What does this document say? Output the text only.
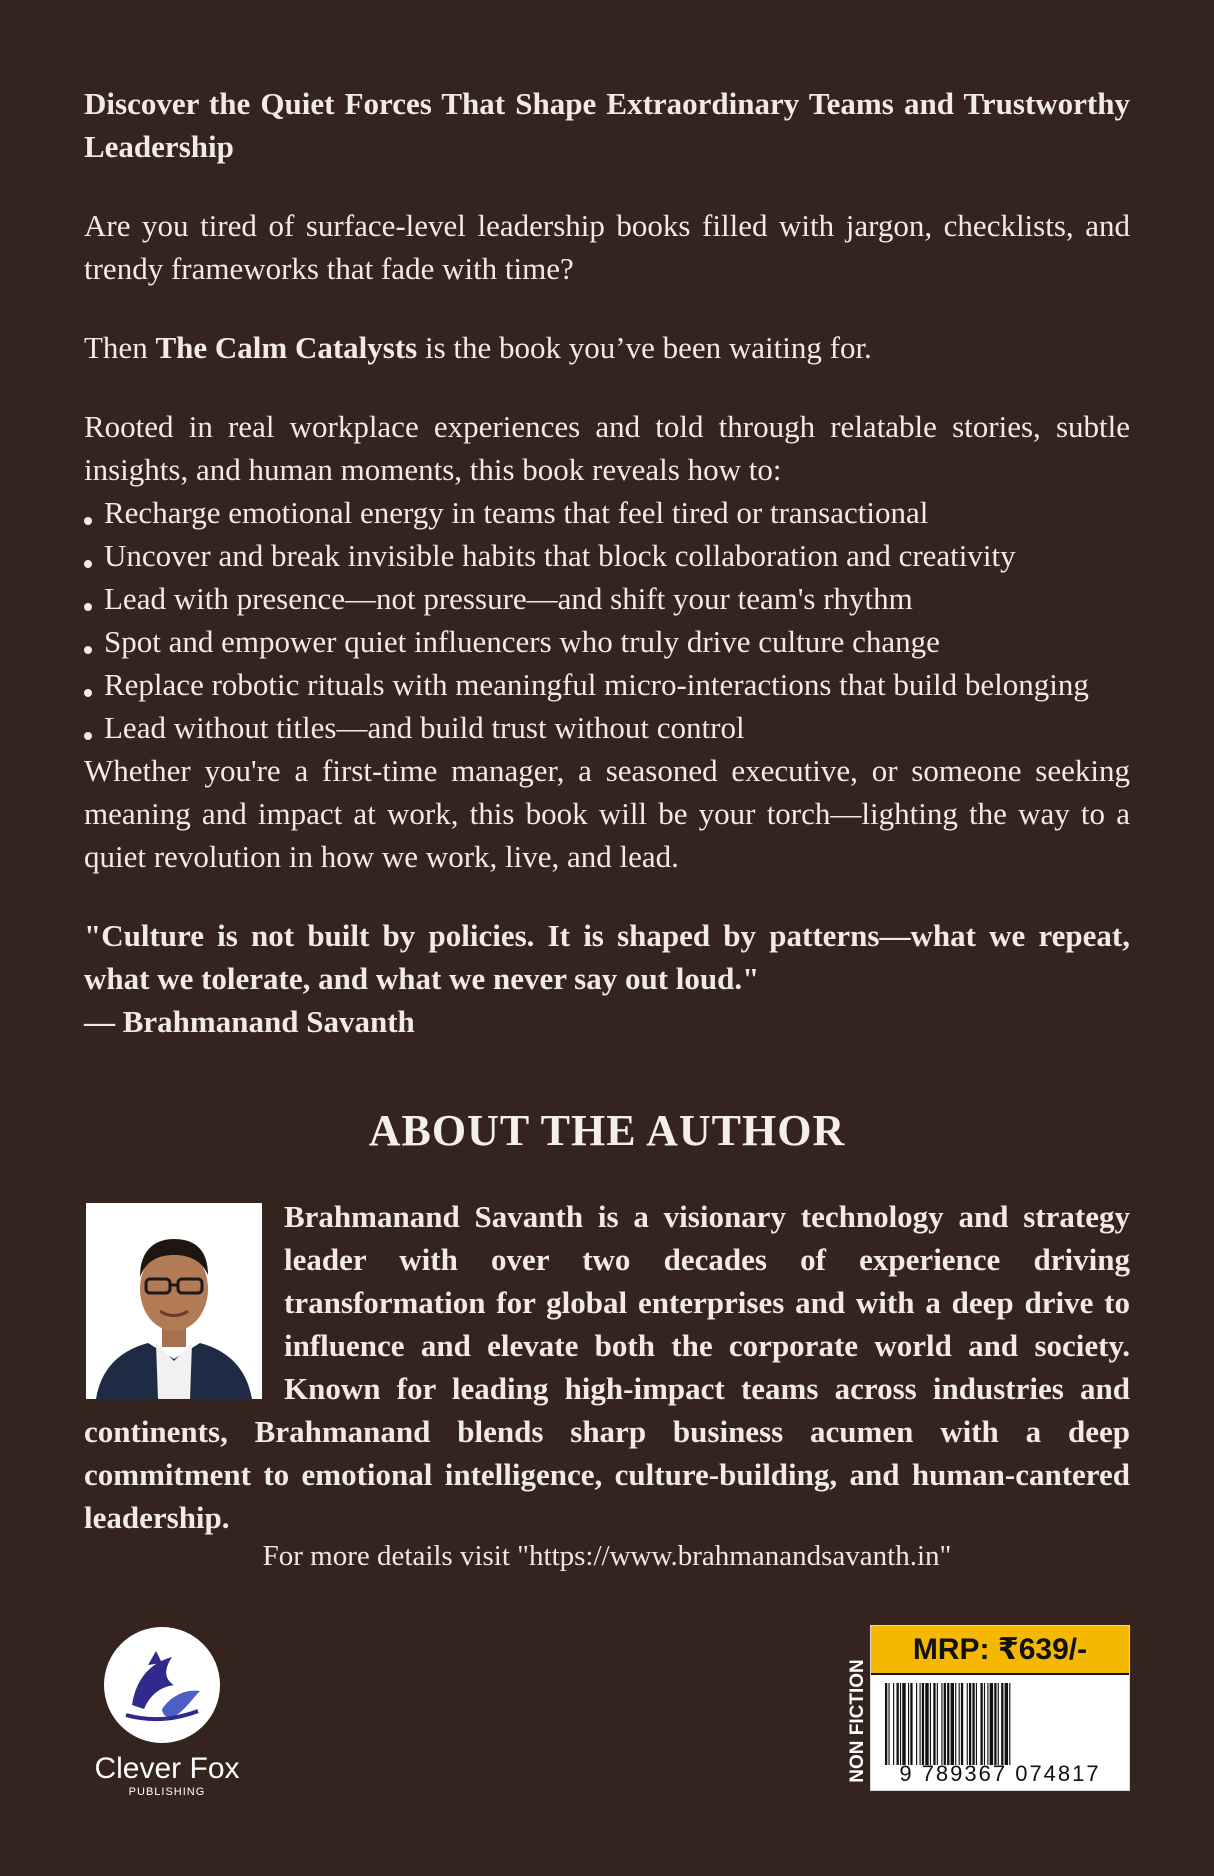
Discover the Quiet Forces That Shape Extraordinary Teams and Trustworthy Leadership

Are you tired of surface-level leadership books filled with jargon, checklists, and trendy frameworks that fade with time?

Then The Calm Catalysts is the book you’ve been waiting for.

Rooted in real workplace experiences and told through relatable stories, subtle insights, and human moments, this book reveals how to:

Recharge emotional energy in teams that feel tired or transactional
Uncover and break invisible habits that block collaboration and creativity
Lead with presence—not pressure—and shift your team's rhythm
Spot and empower quiet influencers who truly drive culture change
Replace robotic rituals with meaningful micro-interactions that build belonging
Lead without titles—and build trust without control

Whether you're a first-time manager, a seasoned executive, or someone seeking meaning and impact at work, this book will be your torch—lighting the way to a quiet revolution in how we work, live, and lead.

"Culture is not built by policies. It is shaped by patterns—what we repeat, what we tolerate, and what we never say out loud."

— Brahmanand Savanth

ABOUT THE AUTHOR
Brahmanand Savanth is a visionary technology and strategy leader with over two decades of experience driving transformation for global enterprises and with a deep drive to influence and elevate both the corporate world and society. Known for leading high-impact teams across industries and continents, Brahmanand blends sharp business acumen with a deep commitment to emotional intelligence, culture-building, and human-cantered leadership.
For more details visit "https://www.brahmanandsavanth.in"
Clever Fox
PUBLISHING
NON FICTION
MRP: ₹639/-
9 789367 074817
